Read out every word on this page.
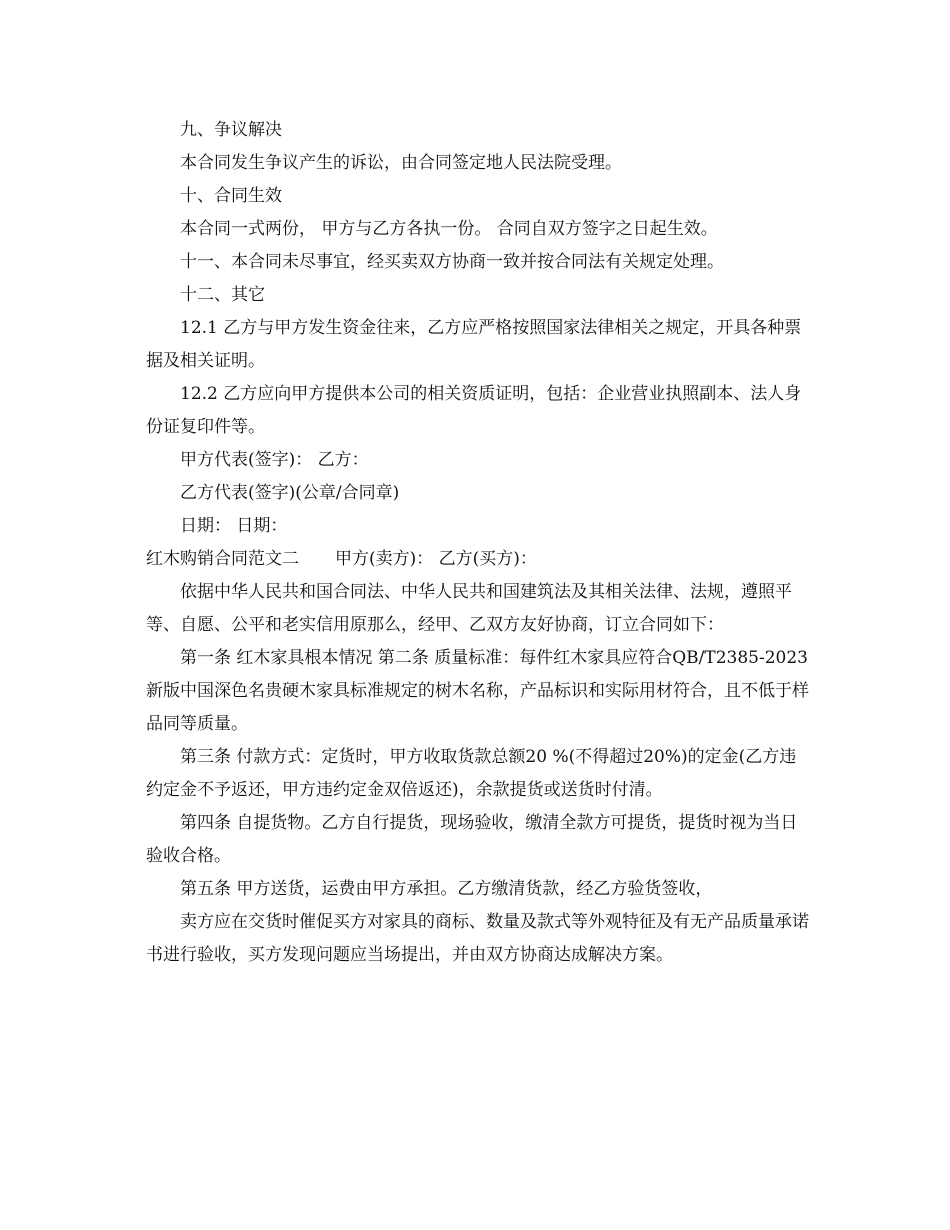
九、争议解决

本合同发生争议产生的诉讼，由合同签定地人民法院受理。

十、合同生效

本合同一式两份， 甲方与乙方各执一份。 合同自双方签字之日起生效。

十一、本合同未尽事宜，经买卖双方协商一致并按合同法有关规定处理。

十二、其它

12.1 乙方与甲方发生资金往来，乙方应严格按照国家法律相关之规定，开具各种票据及相关证明。

12.2 乙方应向甲方提供本公司的相关资质证明，包括：企业营业执照副本、法人身份证复印件等。

甲方代表(签字)： 乙方：

乙方代表(签字)(公章/合同章)

日期： 日期：

红木购销合同范文二 甲方(卖方)： 乙方(买方)：

依据中华人民共和国合同法、中华人民共和国建筑法及其相关法律、法规，遵照平等、自愿、公平和老实信用原那么，经甲、乙双方友好协商，订立合同如下：

第一条 红木家具根本情况 第二条 质量标准：每件红木家具应符合QB/T2385-2023 新版中国深色名贵硬木家具标准规定的树木名称，产品标识和实际用材符合，且不低于样品同等质量。

第三条 付款方式：定货时，甲方收取货款总额20 %(不得超过20%)的定金(乙方违约定金不予返还，甲方违约定金双倍返还)，余款提货或送货时付清。

第四条 自提货物。乙方自行提货，现场验收，缴清全款方可提货，提货时视为当日验收合格。

第五条 甲方送货，运费由甲方承担。乙方缴清货款，经乙方验货签收，

卖方应在交货时催促买方对家具的商标、数量及款式等外观特征及有无产品质量承诺书进行验收，买方发现问题应当场提出，并由双方协商达成解决方案。
